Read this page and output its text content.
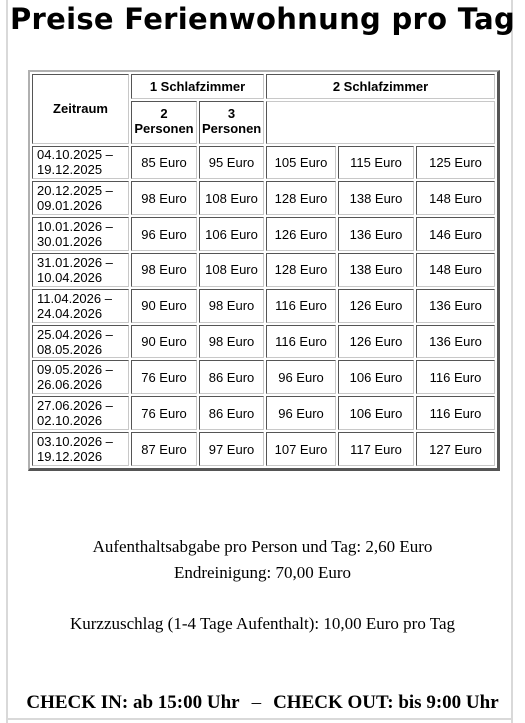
Preise Ferienwohnung pro Tag
Zeitraum	1 Schlafzimmer		2 Schlafzimmer		
	2
Personen	3
Personen			
04.10.2025 –
19.12.2025	85 Euro	95 Euro	105 Euro	115 Euro	125 Euro
20.12.2025 –
09.01.2026	98 Euro	108 Euro	128 Euro	138 Euro	148 Euro
10.01.2026 –
30.01.2026	96 Euro	106 Euro	126 Euro	136 Euro	146 Euro
31.01.2026 –
10.04.2026	98 Euro	108 Euro	128 Euro	138 Euro	148 Euro
11.04.2026 –
24.04.2026	90 Euro	98 Euro	116 Euro	126 Euro	136 Euro
25.04.2026 –
08.05.2026	90 Euro	98 Euro	116 Euro	126 Euro	136 Euro
09.05.2026 –
26.06.2026	76 Euro	86 Euro	96 Euro	106 Euro	116 Euro
27.06.2026 –
02.10.2026	76 Euro	86 Euro	96 Euro	106 Euro	116 Euro
03.10.2026 –
19.12.2026	87 Euro	97 Euro	107 Euro	117 Euro	127 Euro
Aufenthaltsabgabe pro Person und Tag: 2,60 Euro
Endreinigung: 70,00 Euro
Kurzzuschlag (1-4 Tage Aufenthalt): 10,00 Euro pro Tag
CHECK IN: ab 15:00 Uhr – CHECK OUT: bis 9:00 Uhr
